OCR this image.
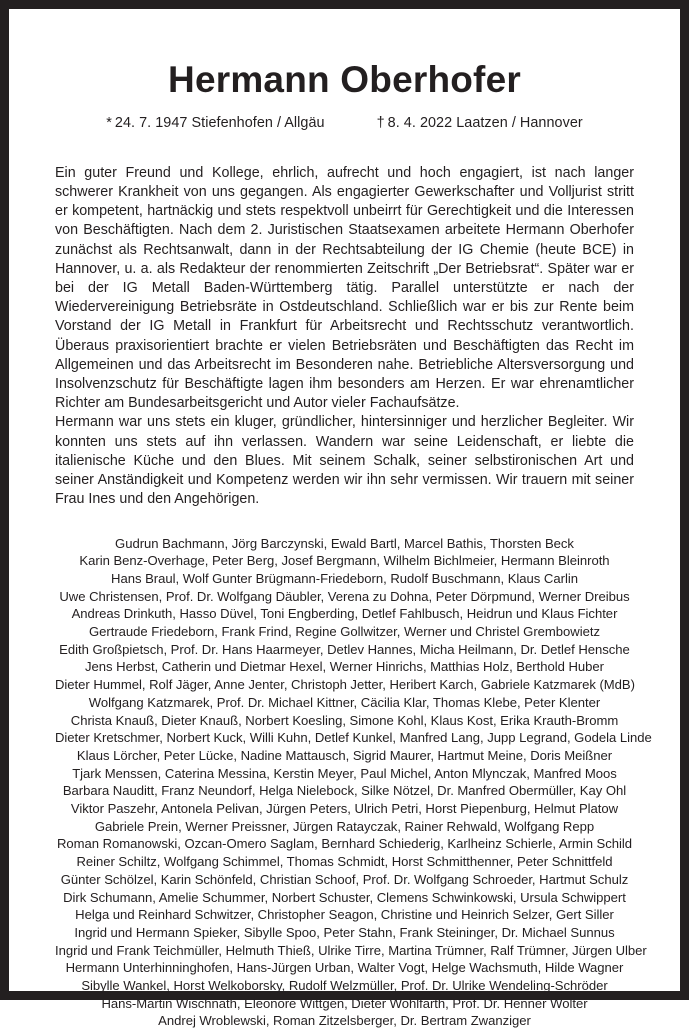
Hermann Oberhofer
* 24. 7. 1947 Stiefenhofen / Allgäu	† 8. 4. 2022 Laatzen / Hannover

Ein guter Freund und Kollege, ehrlich, aufrecht und hoch engagiert, ist nach langer schwerer Krankheit von uns gegangen. Als engagierter Gewerkschafter und Volljurist stritt er kompetent, hartnäckig und stets respektvoll unbeirrt für Gerechtigkeit und die Interessen von Beschäftigten. Nach dem 2. Juristischen Staatsexamen arbeitete Hermann Oberhofer zunächst als Rechtsanwalt, dann in der Rechtsabteilung der IG Chemie (heute BCE) in Hannover, u. a. als Redakteur der renommierten Zeitschrift „Der Betriebsrat“. Später war er bei der IG Metall Baden-Württemberg tätig. Parallel unterstützte er nach der Wiedervereinigung Betriebsräte in Ostdeutschland. Schließlich war er bis zur Rente beim Vorstand der IG Metall in Frankfurt für Arbeitsrecht und Rechtsschutz verantwortlich. Überaus praxisorientiert brachte er vielen Betriebsräten und Beschäftigten das Recht im Allgemeinen und das Arbeitsrecht im Besonderen nahe. Betriebliche Altersversorgung und Insolvenzschutz für Beschäftigte lagen ihm besonders am Herzen. Er war ehrenamtlicher Richter am Bundesarbeitsgericht und Autor vieler Fachaufsätze.

Hermann war uns stets ein kluger, gründlicher, hintersinniger und herzlicher Begleiter. Wir konnten uns stets auf ihn verlassen. Wandern war seine Leidenschaft, er liebte die italienische Küche und den Blues. Mit seinem Schalk, seiner selbstironischen Art und seiner Anständigkeit und Kompetenz werden wir ihn sehr vermissen. Wir trauern mit seiner Frau Ines und den Angehörigen.

Gudrun Bachmann, Jörg Barczynski, Ewald Bartl, Marcel Bathis, Thorsten Beck
Karin Benz-Overhage, Peter Berg, Josef Bergmann, Wilhelm Bichlmeier, Hermann Bleinroth
Hans Braul, Wolf Gunter Brügmann-Friedeborn, Rudolf Buschmann, Klaus Carlin
Uwe Christensen, Prof. Dr. Wolfgang Däubler, Verena zu Dohna, Peter Dörpmund, Werner Dreibus
Andreas Drinkuth, Hasso Düvel, Toni Engberding, Detlef Fahlbusch, Heidrun und Klaus Fichter
Gertraude Friedeborn, Frank Frind, Regine Gollwitzer, Werner und Christel Grembowietz
Edith Großpietsch, Prof. Dr. Hans Haarmeyer, Detlev Hannes, Micha Heilmann, Dr. Detlef Hensche
Jens Herbst, Catherin und Dietmar Hexel, Werner Hinrichs, Matthias Holz, Berthold Huber
Dieter Hummel, Rolf Jäger, Anne Jenter, Christoph Jetter, Heribert Karch, Gabriele Katzmarek (MdB)
Wolfgang Katzmarek, Prof. Dr. Michael Kittner, Cäcilia Klar, Thomas Klebe, Peter Klenter
Christa Knauß, Dieter Knauß, Norbert Koesling, Simone Kohl, Klaus Kost, Erika Krauth-Bromm
Dieter Kretschmer, Norbert Kuck, Willi Kuhn, Detlef Kunkel, Manfred Lang, Jupp Legrand, Godela Linde
Klaus Lörcher, Peter Lücke, Nadine Mattausch, Sigrid Maurer, Hartmut Meine, Doris Meißner
Tjark Menssen, Caterina Messina, Kerstin Meyer, Paul Michel, Anton Mlynczak, Manfred Moos
Barbara Nauditt, Franz Neundorf, Helga Nielebock, Silke Nötzel, Dr. Manfred Obermüller, Kay Ohl
Viktor Paszehr, Antonela Pelivan, Jürgen Peters, Ulrich Petri, Horst Piepenburg, Helmut Platow
Gabriele Prein, Werner Preissner, Jürgen Ratayczak, Rainer Rehwald, Wolfgang Repp
Roman Romanowski, Ozcan-Omero Saglam, Bernhard Schiederig, Karlheinz Schierle, Armin Schild
Reiner Schiltz, Wolfgang Schimmel, Thomas Schmidt, Horst Schmitthenner, Peter Schnittfeld
Günter Schölzel, Karin Schönfeld, Christian Schoof, Prof. Dr. Wolfgang Schroeder, Hartmut Schulz
Dirk Schumann, Amelie Schummer, Norbert Schuster, Clemens Schwinkowski, Ursula Schwippert
Helga und Reinhard Schwitzer, Christopher Seagon, Christine und Heinrich Selzer, Gert Siller
Ingrid und Hermann Spieker, Sibylle Spoo, Peter Stahn, Frank Steininger, Dr. Michael Sunnus
Ingrid und Frank Teichmüller, Helmuth Thieß, Ulrike Tirre, Martina Trümner, Ralf Trümner, Jürgen Ulber
Hermann Unterhinninghofen, Hans-Jürgen Urban, Walter Vogt, Helge Wachsmuth, Hilde Wagner
Sibylle Wankel, Horst Welkoborsky, Rudolf Welzmüller, Prof. Dr. Ulrike Wendeling-Schröder
Hans-Martin Wischnath, Eleonore Wittgen, Dieter Wohlfarth, Prof. Dr. Henner Wolter
Andrej Wroblewski, Roman Zitzelsberger, Dr. Bertram Zwanziger
